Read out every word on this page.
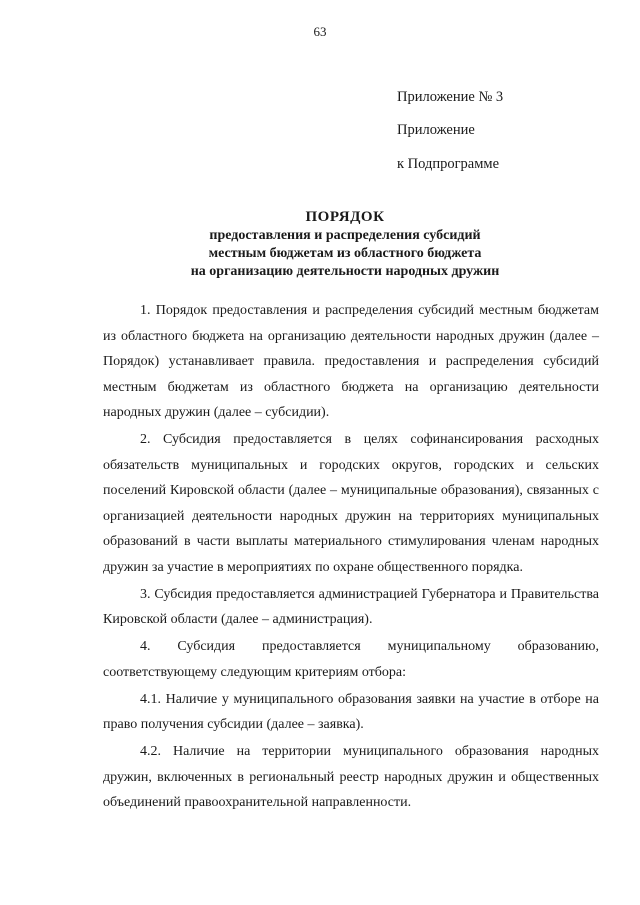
63
Приложение № 3
Приложение
к Подпрограмме
ПОРЯДОК
предоставления и распределения субсидий
местным бюджетам из областного бюджета
на организацию деятельности народных дружин

1. Порядок предоставления и распределения субсидий местным бюджетам из областного бюджета на организацию деятельности народных дружин (далее – Порядок) устанавливает правила. предоставления и распределения субсидий местным бюджетам из областного бюджета на организацию деятельности народных дружин (далее – субсидии).

2. Субсидия предоставляется в целях софинансирования расходных обязательств муниципальных и городских округов, городских и сельских поселений Кировской области (далее – муниципальные образования), связанных с организацией деятельности народных дружин на территориях муниципальных образований в части выплаты материального стимулирования членам народных дружин за участие в мероприятиях по охране общественного порядка.

3. Субсидия предоставляется администрацией Губернатора и Правительства Кировской области (далее – администрация).

4. Субсидия предоставляется муниципальному образованию, соответствующему следующим критериям отбора:

4.1. Наличие у муниципального образования заявки на участие в отборе на право получения субсидии (далее – заявка).

4.2. Наличие на территории муниципального образования народных дружин, включенных в региональный реестр народных дружин и общественных объединений правоохранительной направленности.
